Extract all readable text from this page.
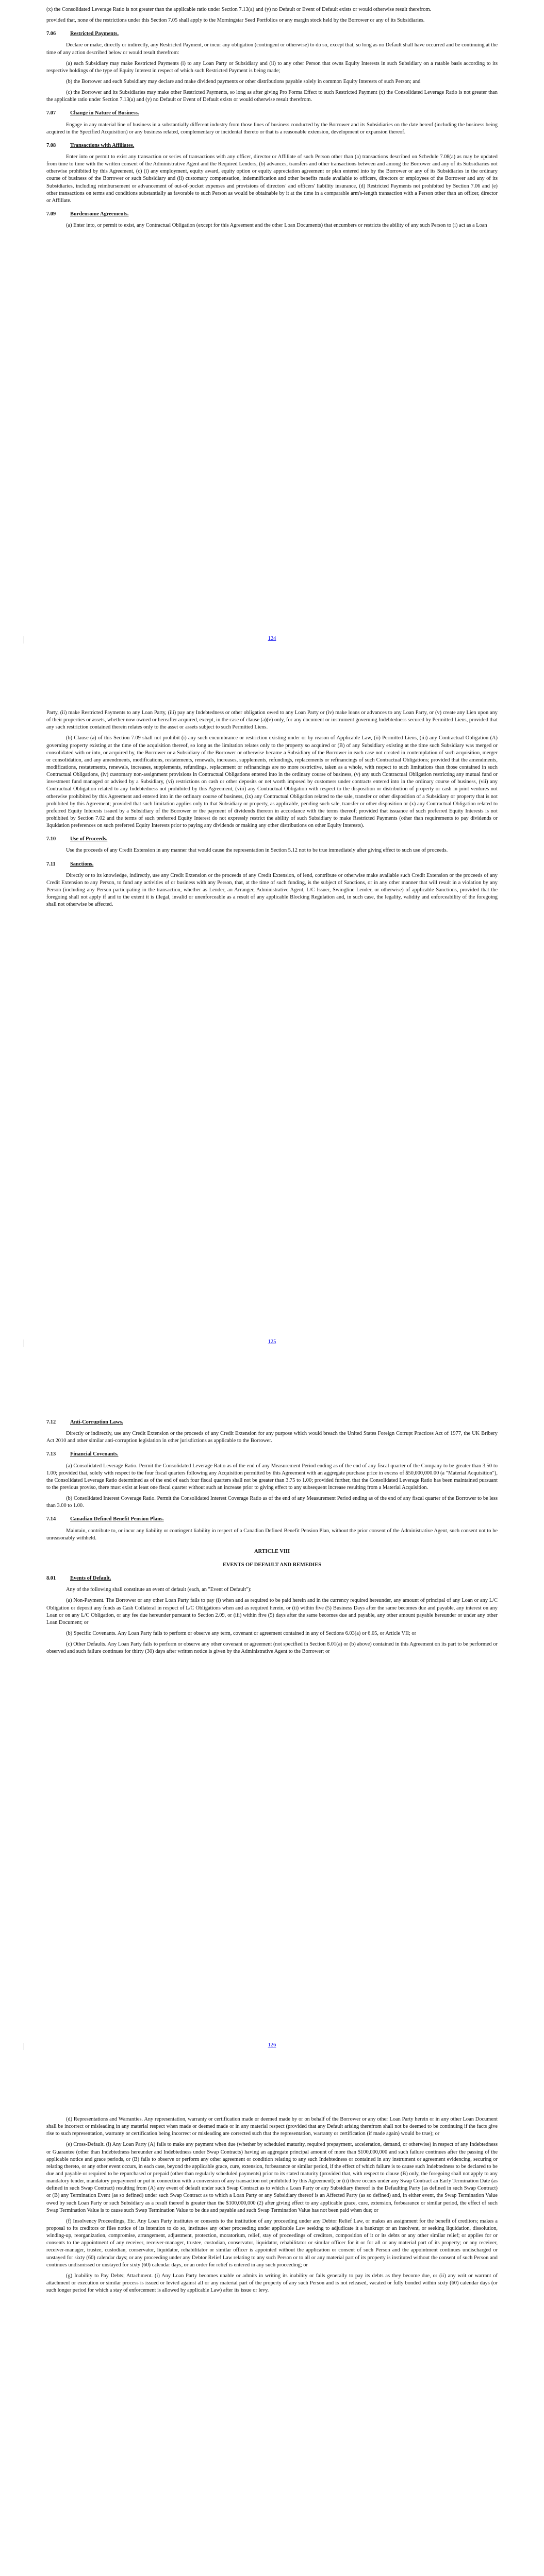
(x) the Consolidated Leverage Ratio is not greater than the applicable ratio under Section 7.13(a) and (y) no Default or Event of Default exists or would otherwise result therefrom.

provided that, none of the restrictions under this Section 7.05 shall apply to the Morningstar Seed Portfolios or any margin stock held by the Borrower or any of its Subsidiaries.

7.06	Restricted Payments.

Declare or make, directly or indirectly, any Restricted Payment, or incur any obligation (contingent or otherwise) to do so, except that, so long as no Default shall have occurred and be continuing at the time of any action described below or would result therefrom:

(a) each Subsidiary may make Restricted Payments (i) to any Loan Party or Subsidiary and (ii) to any other Person that owns Equity Interests in such Subsidiary on a ratable basis according to its respective holdings of the type of Equity Interest in respect of which such Restricted Payment is being made;

(b) the Borrower and each Subsidiary may declare and make dividend payments or other distributions payable solely in common Equity Interests of such Person; and

(c) the Borrower and its Subsidiaries may make other Restricted Payments, so long as after giving Pro Forma Effect to such Restricted Payment (x) the Consolidated Leverage Ratio is not greater than the applicable ratio under Section 7.13(a) and (y) no Default or Event of Default exists or would otherwise result therefrom.

7.07	Change in Nature of Business.

Engage in any material line of business in a substantially different industry from those lines of business conducted by the Borrower and its Subsidiaries on the date hereof (including the business being acquired in the Specified Acquisition) or any business related, complementary or incidental thereto or that is a reasonable extension, development or expansion thereof.

7.08	Transactions with Affiliates.

Enter into or permit to exist any transaction or series of transactions with any officer, director or Affiliate of such Person other than (a) transactions described on Schedule 7.08(a) as may be updated from time to time with the written consent of the Administrative Agent and the Required Lenders, (b) advances, transfers and other transactions between and among the Borrower and any of its Subsidiaries not otherwise prohibited by this Agreement, (c) (i) any employment, equity award, equity option or equity appreciation agreement or plan entered into by the Borrower or any of its Subsidiaries in the ordinary course of business of the Borrower or such Subsidiary and (ii) customary compensation, indemnification and other benefits made available to officers, directors or employees of the Borrower and any of its Subsidiaries, including reimbursement or advancement of out-of-pocket expenses and provisions of directors' and officers' liability insurance, (d) Restricted Payments not prohibited by Section 7.06 and (e) other transactions on terms and conditions substantially as favorable to such Person as would be obtainable by it at the time in a comparable arm's-length transaction with a Person other than an officer, director or Affiliate.

7.09	Burdensome Agreements.

(a) Enter into, or permit to exist, any Contractual Obligation (except for this Agreement and the other Loan Documents) that encumbers or restricts the ability of any such Person to (i) act as a Loan

124

Party, (ii) make Restricted Payments to any Loan Party, (iii) pay any Indebtedness or other obligation owed to any Loan Party or (iv) make loans or advances to any Loan Party, or (v) create any Lien upon any of their properties or assets, whether now owned or hereafter acquired, except, in the case of clause (a)(v) only, for any document or instrument governing Indebtedness secured by Permitted Liens, provided that any such restriction contained therein relates only to the asset or assets subject to such Permitted Liens.

(b) Clause (a) of this Section 7.09 shall not prohibit (i) any such encumbrance or restriction existing under or by reason of Applicable Law, (ii) Permitted Liens, (iii) any Contractual Obligation (A) governing property existing at the time of the acquisition thereof, so long as the limitation relates only to the property so acquired or (B) of any Subsidiary existing at the time such Subsidiary was merged or consolidated with or into, or acquired by, the Borrower or a Subsidiary of the Borrower or otherwise became a Subsidiary of the Borrower in each case not created in contemplation of such acquisition, merger or consolidation, and any amendments, modifications, restatements, renewals, increases, supplements, refundings, replacements or refinancings of such Contractual Obligations; provided that the amendments, modifications, restatements, renewals, increases, supplements, refundings, replacement or refinancings are no more restrictive, taken as a whole, with respect to such limitations than those contained in such Contractual Obligations, (iv) customary non-assignment provisions in Contractual Obligations entered into in the ordinary course of business, (v) any such Contractual Obligation restricting any mutual fund or investment fund managed or advised by a Subsidiary, (vi) restrictions on cash or other deposits or net worth imposed by customers under contracts entered into in the ordinary course of business, (vii) any Contractual Obligation related to any Indebtedness not prohibited by this Agreement, (viii) any Contractual Obligation with respect to the disposition or distribution of property or cash in joint ventures not otherwise prohibited by this Agreement and entered into in the ordinary course of business, (ix) any Contractual Obligation related to the sale, transfer or other disposition of a Subsidiary or property that is not prohibited by this Agreement; provided that such limitation applies only to that Subsidiary or property, as applicable, pending such sale, transfer or other disposition or (x) any Contractual Obligation related to preferred Equity Interests issued by a Subsidiary of the Borrower or the payment of dividends thereon in accordance with the terms thereof; provided that issuance of such preferred Equity Interests is not prohibited by Section 7.02 and the terms of such preferred Equity Interest do not expressly restrict the ability of such Subsidiary to make Restricted Payments (other than requirements to pay dividends or liquidation preferences on such preferred Equity Interests prior to paying any dividends or making any other distributions on other Equity Interests).

7.10	Use of Proceeds.

Use the proceeds of any Credit Extension in any manner that would cause the representation in Section 5.12 not to be true immediately after giving effect to such use of proceeds.

7.11	Sanctions.

Directly or to its knowledge, indirectly, use any Credit Extension or the proceeds of any Credit Extension, of lend, contribute or otherwise make available such Credit Extension or the proceeds of any Credit Extension to any Person, to fund any activities of or business with any Person, that, at the time of such funding, is the subject of Sanctions, or in any other manner that will result in a violation by any Person (including any Person participating in the transaction, whether as Lender, an Arranger, Administrative Agent, L/C Issuer, Swingline Lender, or otherwise) of applicable Sanctions, provided that the foregoing shall not apply if and to the extent it is illegal, invalid or unenforceable as a result of any applicable Blocking Regulation and, in such case, the legality, validity and enforceability of the foregoing shall not otherwise be affected.

125
7.12	Anti-Corruption Laws.

Directly or indirectly, use any Credit Extension or the proceeds of any Credit Extension for any purpose which would breach the United States Foreign Corrupt Practices Act of 1977, the UK Bribery Act 2010 and other similar anti-corruption legislation in other jurisdictions as applicable to the Borrower.

7.13	Financial Covenants.

(a) Consolidated Leverage Ratio. Permit the Consolidated Leverage Ratio as of the end of any Measurement Period ending as of the end of any fiscal quarter of the Company to be greater than 3.50 to 1.00; provided that, solely with respect to the four fiscal quarters following any Acquisition permitted by this Agreement with an aggregate purchase price in excess of $50,000,000.00 (a "Material Acquisition"), the Consolidated Leverage Ratio determined as of the end of each four fiscal quarters shall not be greater than 3.75 to 1.00; provided further, that the Consolidated Leverage Ratio has been maintained pursuant to the previous proviso, there must exist at least one fiscal quarter without such an increase prior to giving effect to any subsequent increase resulting from a Material Acquisition.

(b) Consolidated Interest Coverage Ratio. Permit the Consolidated Interest Coverage Ratio as of the end of any Measurement Period ending as of the end of any fiscal quarter of the Borrower to be less than 3.00 to 1.00.

7.14	Canadian Defined Benefit Pension Plans.

Maintain, contribute to, or incur any liability or contingent liability in respect of a Canadian Defined Benefit Pension Plan, without the prior consent of the Administrative Agent, such consent not to be unreasonably withheld.

ARTICLE VIII
EVENTS OF DEFAULT AND REMEDIES
8.01	Events of Default.

Any of the following shall constitute an event of default (each, an "Event of Default"):

(a) Non-Payment. The Borrower or any other Loan Party fails to pay (i) when and as required to be paid herein and in the currency required hereunder, any amount of principal of any Loan or any L/C Obligation or deposit any funds as Cash Collateral in respect of L/C Obligations when and as required herein, or (ii) within five (5) Business Days after the same becomes due and payable, any interest on any Loan or on any L/C Obligation, or any fee due hereunder pursuant to Section 2.09, or (iii) within five (5) days after the same becomes due and payable, any other amount payable hereunder or under any other Loan Document; or

(b) Specific Covenants. Any Loan Party fails to perform or observe any term, covenant or agreement contained in any of Sections 6.03(a) or 6.05, or Article VII; or

(c) Other Defaults. Any Loan Party fails to perform or observe any other covenant or agreement (not specified in Section 8.01(a) or (b) above) contained in this Agreement on its part to be performed or observed and such failure continues for thirty (30) days after written notice is given by the Administrative Agent to the Borrower; or

126

(d) Representations and Warranties. Any representation, warranty or certification made or deemed made by or on behalf of the Borrower or any other Loan Party herein or in any other Loan Document shall be incorrect or misleading in any material respect when made or deemed made or in any material respect (provided that any Default arising therefrom shall not be deemed to be continuing if the facts give rise to such representation, warranty or certification being incorrect or misleading are corrected such that the representation, warranty or certification (if made again) would be true); or

(e) Cross-Default. (i) Any Loan Party (A) fails to make any payment when due (whether by scheduled maturity, required prepayment, acceleration, demand, or otherwise) in respect of any Indebtedness or Guarantee (other than Indebtedness hereunder and Indebtedness under Swap Contracts) having an aggregate principal amount of more than $100,000,000 and such failure continues after the passing of the applicable notice and grace periods, or (B) fails to observe or perform any other agreement or condition relating to any such Indebtedness or contained in any instrument or agreement evidencing, securing or relating thereto, or any other event occurs, in each case, beyond the applicable grace, cure, extension, forbearance or similar period, if the effect of which failure is to cause such Indebtedness to be declared to be due and payable or required to be repurchased or prepaid (other than regularly scheduled payments) prior to its stated maturity (provided that, with respect to clause (B) only, the foregoing shall not apply to any mandatory tender, mandatory prepayment or put in connection with a conversion of any transaction not prohibited by this Agreement); or (ii) there occurs under any Swap Contract an Early Termination Date (as defined in such Swap Contract) resulting from (A) any event of default under such Swap Contract as to which a Loan Party or any Subsidiary thereof is the Defaulting Party (as defined in such Swap Contract) or (B) any Termination Event (as so defined) under such Swap Contract as to which a Loan Party or any Subsidiary thereof is an Affected Party (as so defined) and, in either event, the Swap Termination Value owed by such Loan Party or such Subsidiary as a result thereof is greater than the $100,000,000 (2) after giving effect to any applicable grace, cure, extension, forbearance or similar period, the effect of such Swap Termination Value is to cause such Swap Termination Value to be due and payable and such Swap Termination Value has not been paid when due; or

(f) Insolvency Proceedings, Etc. Any Loan Party institutes or consents to the institution of any proceeding under any Debtor Relief Law, or makes an assignment for the benefit of creditors; makes a proposal to its creditors or files notice of its intention to do so, institutes any other proceeding under applicable Law seeking to adjudicate it a bankrupt or an insolvent, or seeking liquidation, dissolution, winding-up, reorganization, compromise, arrangement, adjustment, protection, moratorium, relief, stay of proceedings of creditors, composition of it or its debts or any other similar relief; or applies for or consents to the appointment of any receiver, receiver-manager, trustee, custodian, conservator, liquidator, rehabilitator or similar officer for it or for all or any material part of its property; or any receiver, receiver-manager, trustee, custodian, conservator, liquidator, rehabilitator or similar officer is appointed without the application or consent of such Person and the appointment continues undischarged or unstayed for sixty (60) calendar days; or any proceeding under any Debtor Relief Law relating to any such Person or to all or any material part of its property is instituted without the consent of such Person and continues undismissed or unstayed for sixty (60) calendar days, or an order for relief is entered in any such proceeding; or

(g) Inability to Pay Debts; Attachment. (i) Any Loan Party becomes unable or admits in writing its inability or fails generally to pay its debts as they become due, or (ii) any writ or warrant of attachment or execution or similar process is issued or levied against all or any material part of the property of any such Person and is not released, vacated or fully bonded within sixty (60) calendar days (or such longer period for which a stay of enforcement is allowed by applicable Law) after its issue or levy.
